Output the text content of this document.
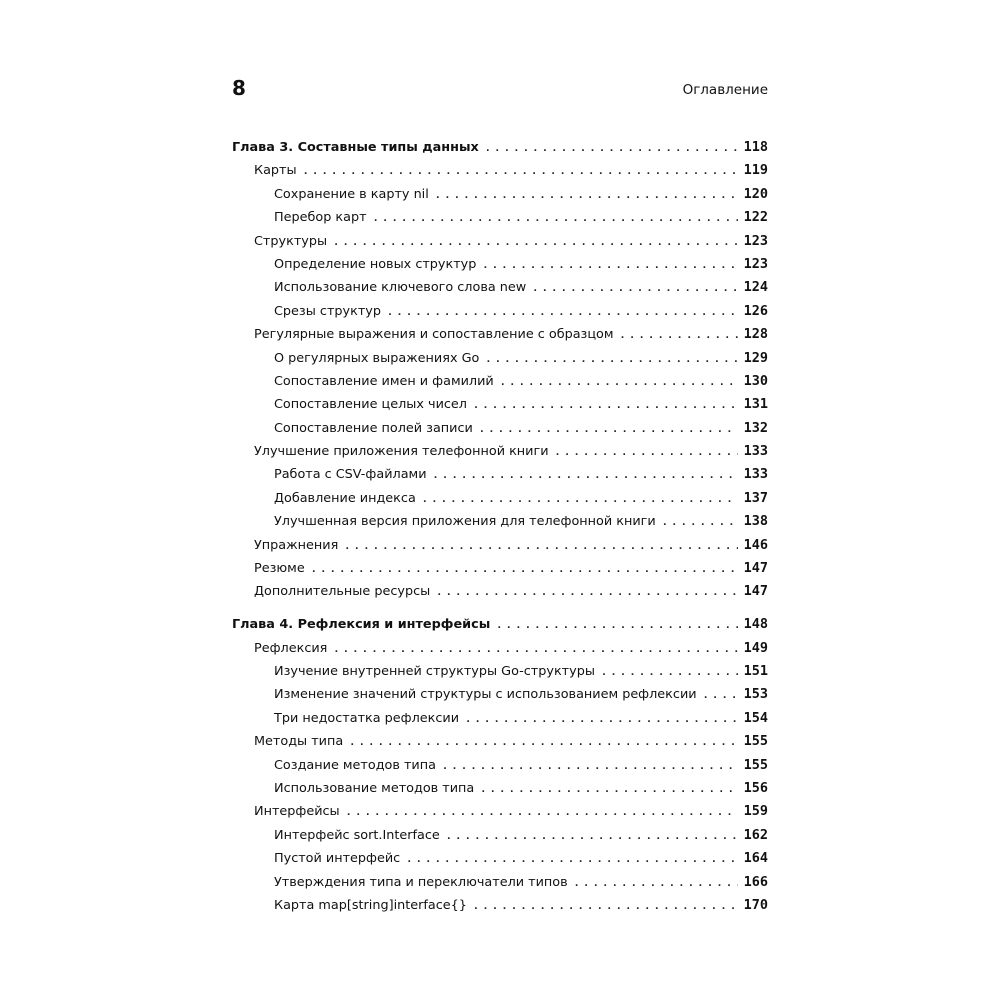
8	Оглавление
Глава 3. Составные типы данных .....	118
Карты .....	119
Сохранение в карту nil .....	120
Перебор карт .....	122
Структуры .....	123
Определение новых структур .....	123
Использование ключевого слова new .....	124
Срезы структур .....	126
Регулярные выражения и сопоставление с образцом .....	128
О регулярных выражениях Go .....	129
Сопоставление имен и фамилий .....	130
Сопоставление целых чисел .....	131
Сопоставление полей записи .....	132
Улучшение приложения телефонной книги .....	133
Работа с CSV-файлами .....	133
Добавление индекса .....	137
Улучшенная версия приложения для телефонной книги .....	138
Упражнения .....	146
Резюме .....	147
Дополнительные ресурсы .....	147
Глава 4. Рефлексия и интерфейсы .....	148
Рефлексия .....	149
Изучение внутренней структуры Go-структуры .....	151
Изменение значений структуры с использованием рефлексии .....	153
Три недостатка рефлексии .....	154
Методы типа .....	155
Создание методов типа .....	155
Использование методов типа .....	156
Интерфейсы .....	159
Интерфейс sort.Interface .....	162
Пустой интерфейс .....	164
Утверждения типа и переключатели типов .....	166
Карта map[string]interface{} .....	170
